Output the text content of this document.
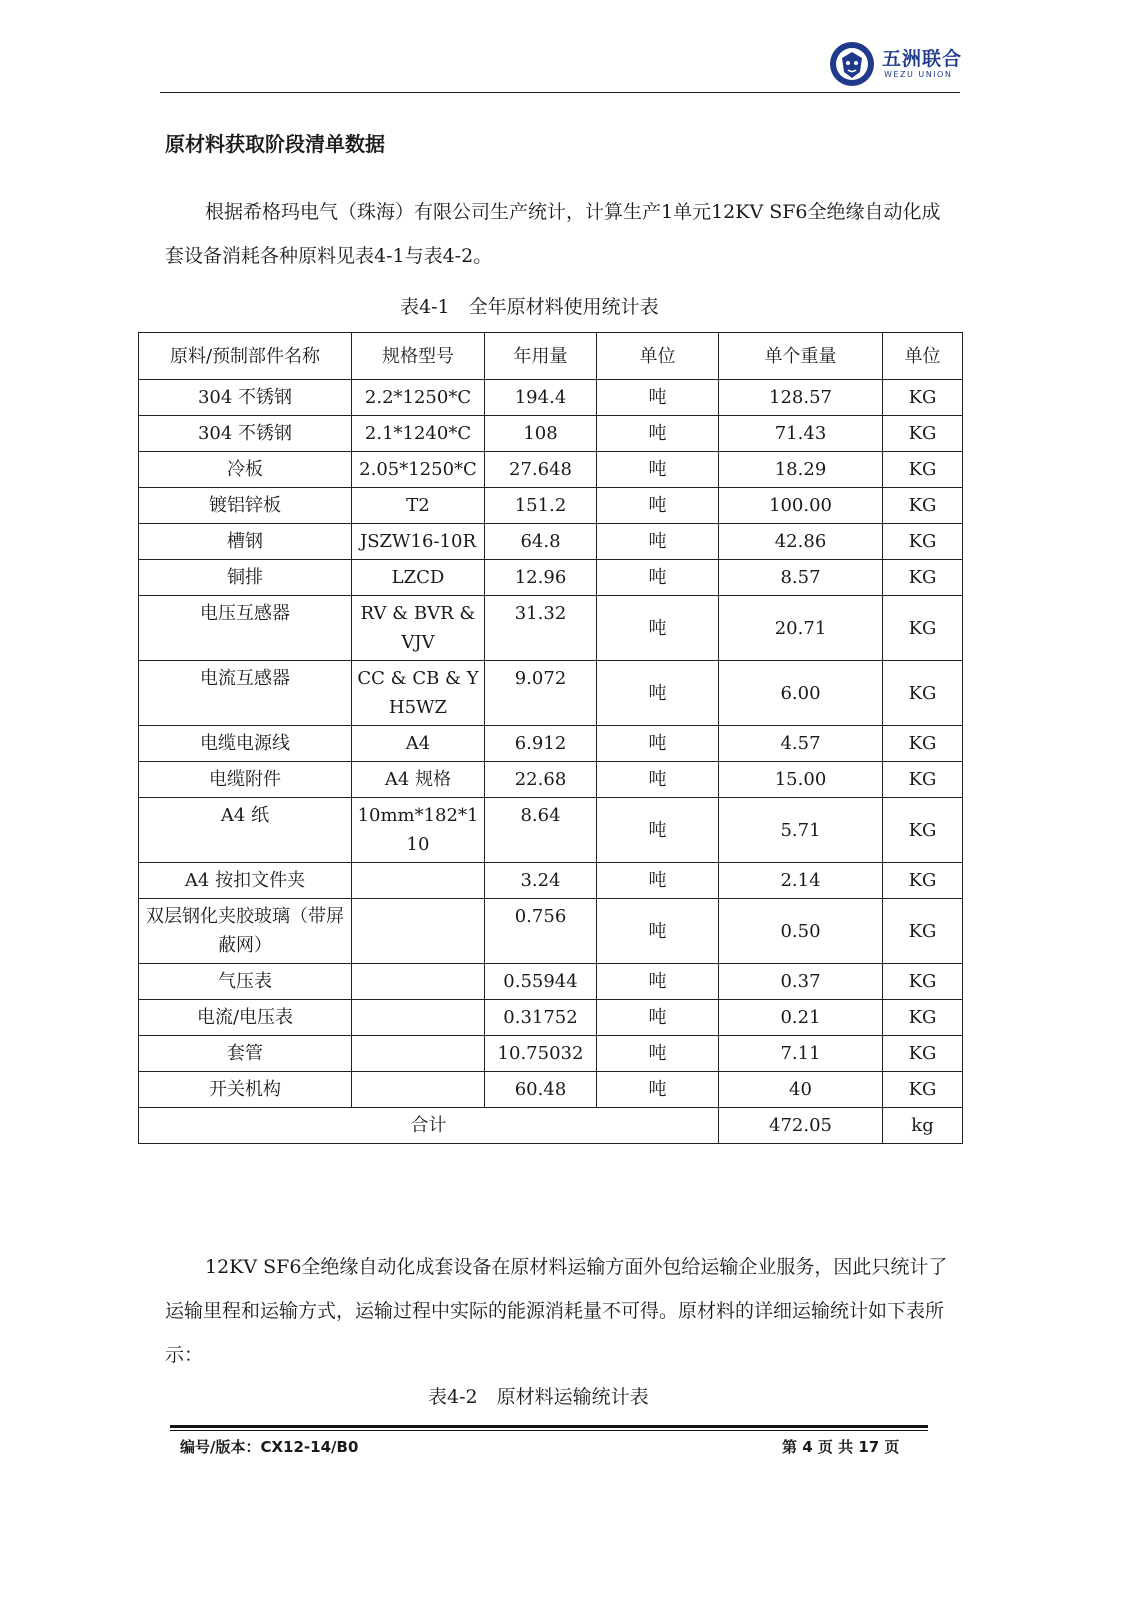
五洲联合
WEZU UNION
原材料获取阶段清单数据

根据希格玛电气（珠海）有限公司生产统计，计算生产1单元12KV SF6全绝缘自动化成套设备消耗各种原料见表4-1与表4-2。

表4-1　全年原材料使用统计表
原料/预制部件名称	规格型号	年用量	单位	单个重量	单位
304 不锈钢	2.2*1250*C	194.4	吨	128.57	KG
304 不锈钢	2.1*1240*C	108	吨	71.43	KG
冷板	2.05*1250*C	27.648	吨	18.29	KG
镀铝锌板	T2	151.2	吨	100.00	KG
槽钢	JSZW16-10R	64.8	吨	42.86	KG
铜排	LZCD	12.96	吨	8.57	KG
电压互感器	RV & BVR & VJV	31.32	吨	20.71	KG
电流互感器	CC & CB & YH5WZ	9.072	吨	6.00	KG
电缆电源线	A4	6.912	吨	4.57	KG
电缆附件	A4 规格	22.68	吨	15.00	KG
A4 纸	10mm*182*110	8.64	吨	5.71	KG
A4 按扣文件夹		3.24	吨	2.14	KG
双层钢化夹胶玻璃（带屏蔽网）		0.756	吨	0.50	KG
气压表		0.55944	吨	0.37	KG
电流/电压表		0.31752	吨	0.21	KG
套管		10.75032	吨	7.11	KG
开关机构		60.48	吨	40	KG
合计				472.05	kg

12KV SF6全绝缘自动化成套设备在原材料运输方面外包给运输企业服务，因此只统计了运输里程和运输方式，运输过程中实际的能源消耗量不可得。原材料的详细运输统计如下表所示：

表4-2　原材料运输统计表
编号/版本：CX12-14/B0	第 4 页 共 17 页
